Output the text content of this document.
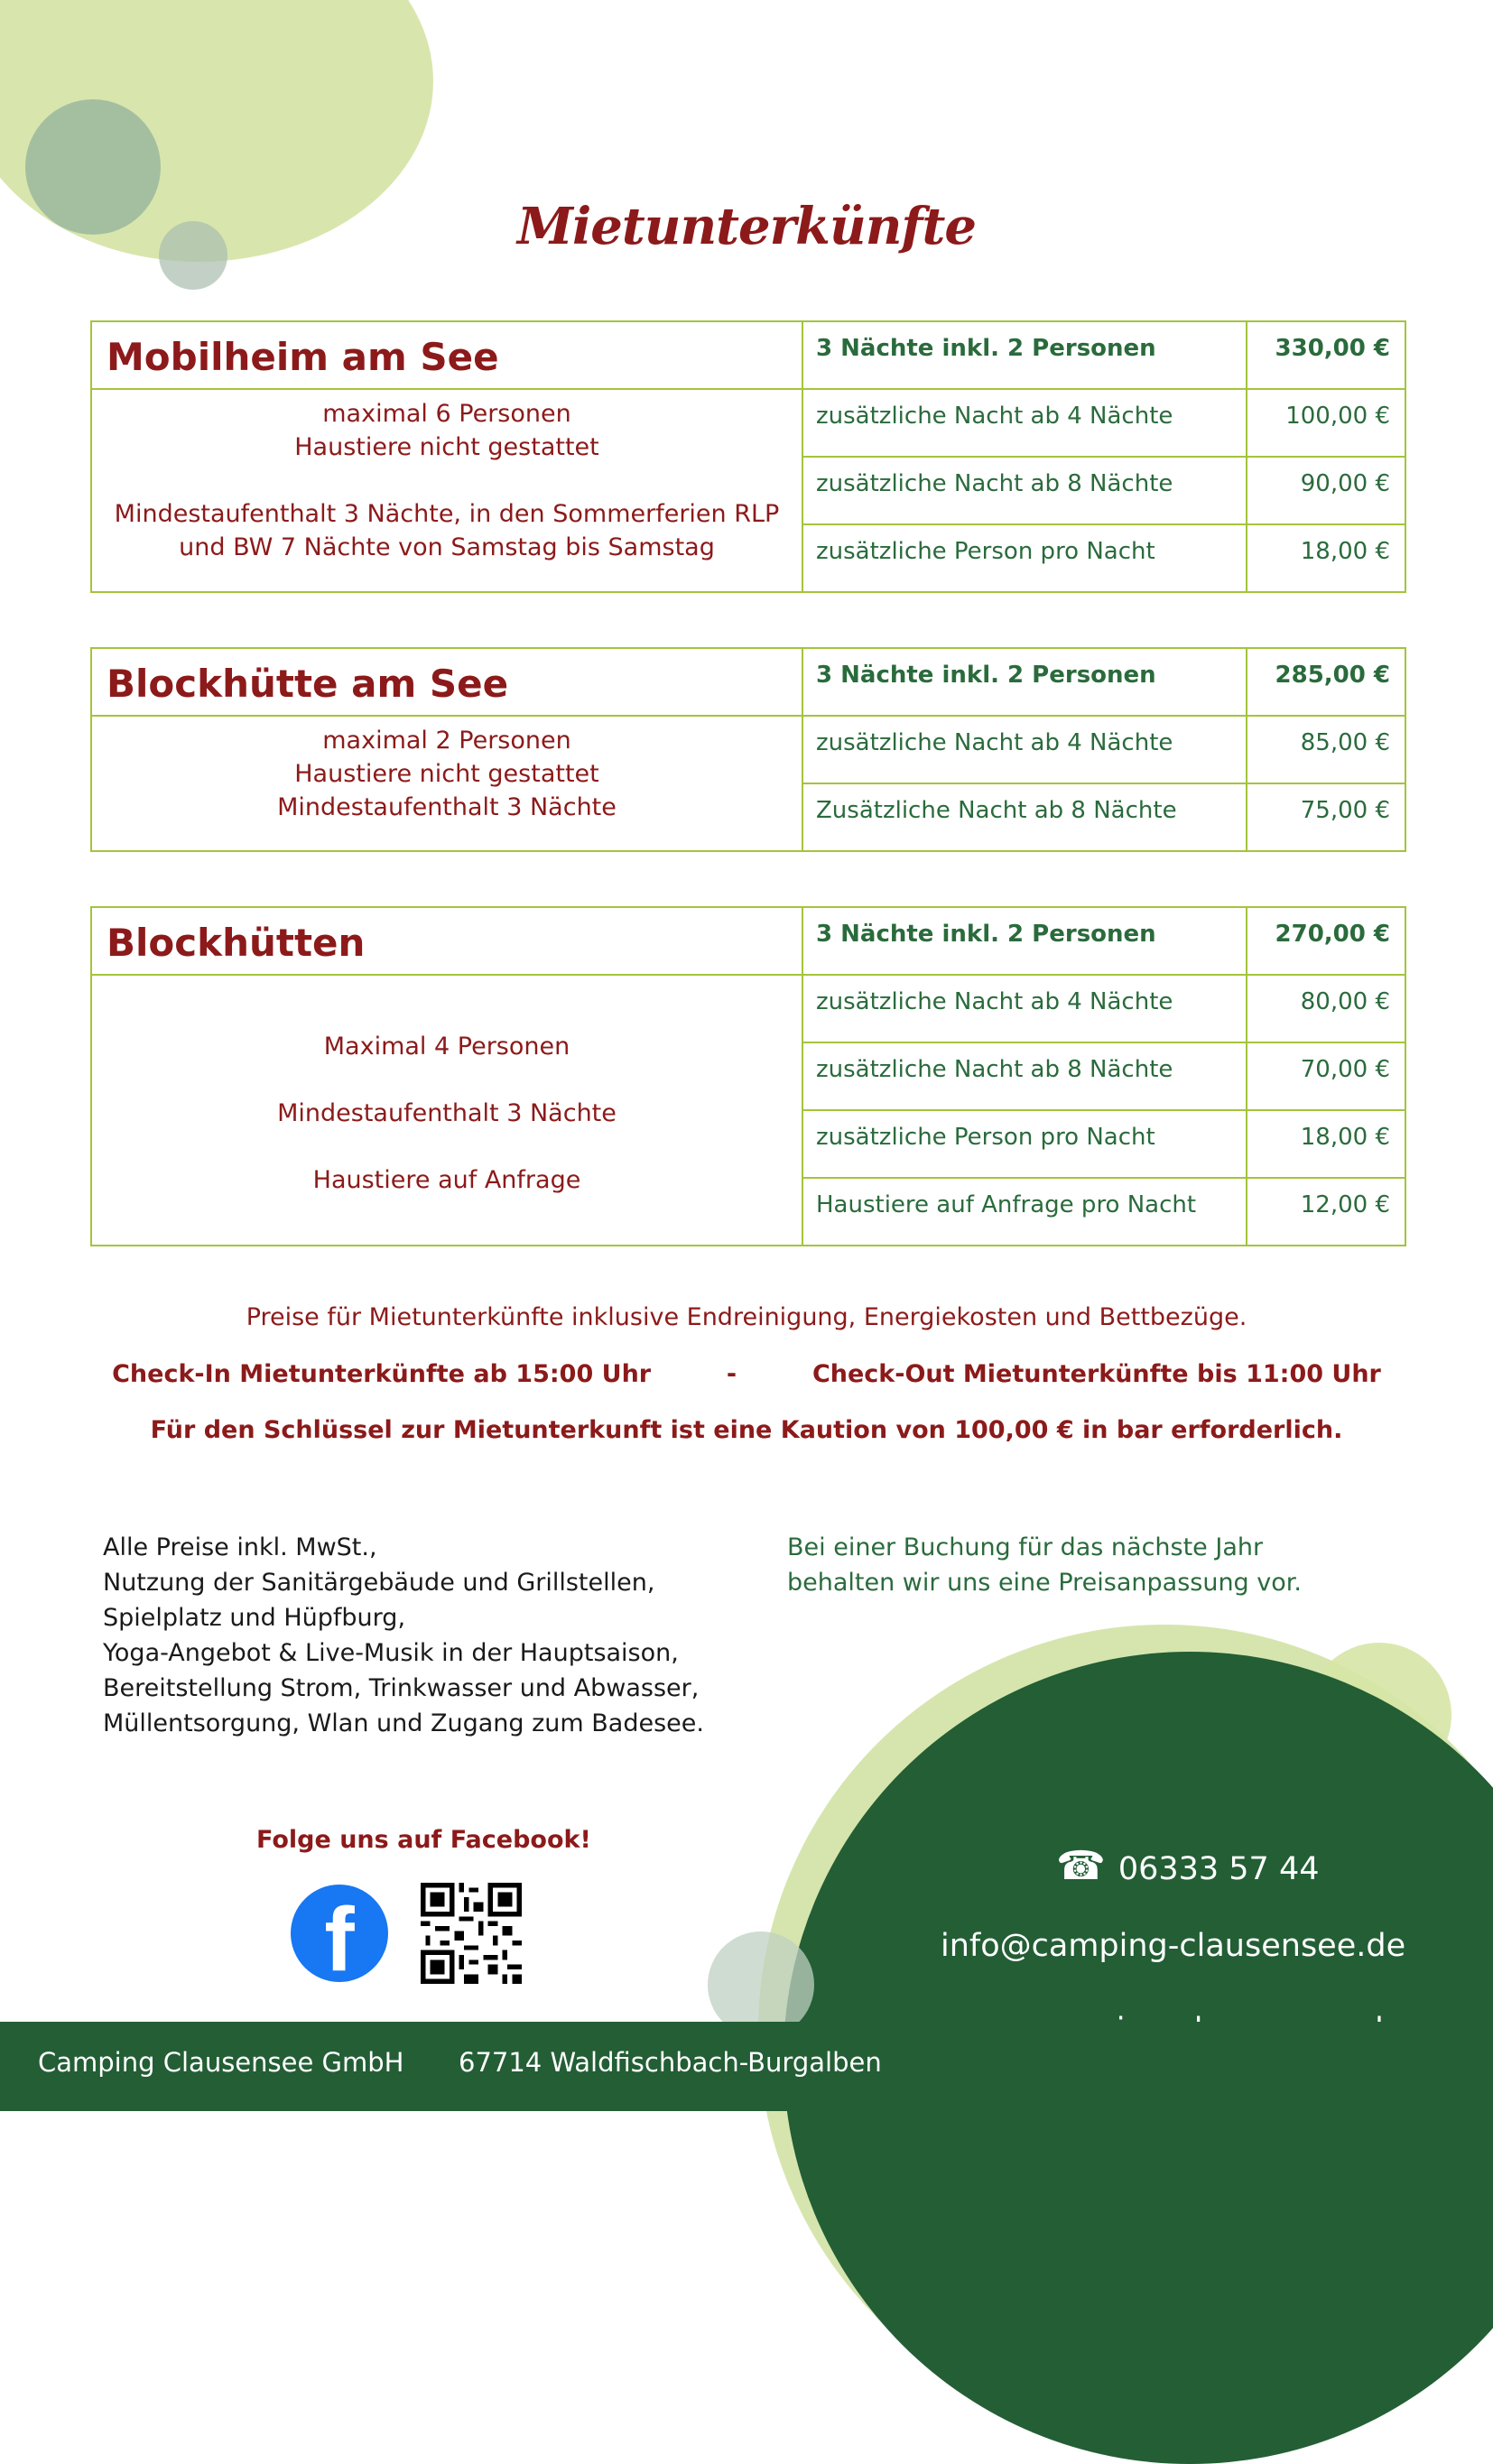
Mietunterkünfte
Mobilheim am See	3 Nächte inkl. 2 Personen	330,00 €

maximal 6 Personen

Haustiere nicht gestattet

Mindestaufenthalt 3 Nächte, in den Sommerferien RLP

und BW 7 Nächte von Samstag bis Samstag	zusätzliche Nacht ab 4 Nächte	100,00 €
	zusätzliche Nacht ab 8 Nächte	90,00 €
	zusätzliche Person pro Nacht	18,00 €
Blockhütte am See	3 Nächte inkl. 2 Personen	285,00 €

maximal 2 Personen

Haustiere nicht gestattet

Mindestaufenthalt 3 Nächte	zusätzliche Nacht ab 4 Nächte	85,00 €
	Zusätzliche Nacht ab 8 Nächte	75,00 €
Blockhütten	3 Nächte inkl. 2 Personen	270,00 €

Maximal 4 Personen

Mindestaufenthalt 3 Nächte

Haustiere auf Anfrage	zusätzliche Nacht ab 4 Nächte	80,00 €
	zusätzliche Nacht ab 8 Nächte	70,00 €
	zusätzliche Person pro Nacht	18,00 €
	Haustiere auf Anfrage pro Nacht	12,00 €
Preise für Mietunterkünfte inklusive Endreinigung, Energiekosten und Bettbezüge.
Check-In Mietunterkünfte ab 15:00 Uhr	-	Check-Out Mietunterkünfte bis 11:00 Uhr
Für den Schlüssel zur Mietunterkunft ist eine Kaution von 100,00 € in bar erforderlich.
Alle Preise inkl. MwSt.,
Nutzung der Sanitärgebäude und Grillstellen,
Spielplatz und Hüpfburg,
Yoga-Angebot & Live-Musik in der Hauptsaison,
Bereitstellung Strom, Trinkwasser und Abwasser,
Müllentsorgung, Wlan und Zugang zum Badesee.
Bei einer Buchung für das nächste Jahr
behalten wir uns eine Preisanpassung vor.
Folge uns auf Facebook!
f
☎ 06333 57 44
info@camping-clausensee.de
Camping Clausensee GmbH 67714 Waldfischbach-Burgalben
